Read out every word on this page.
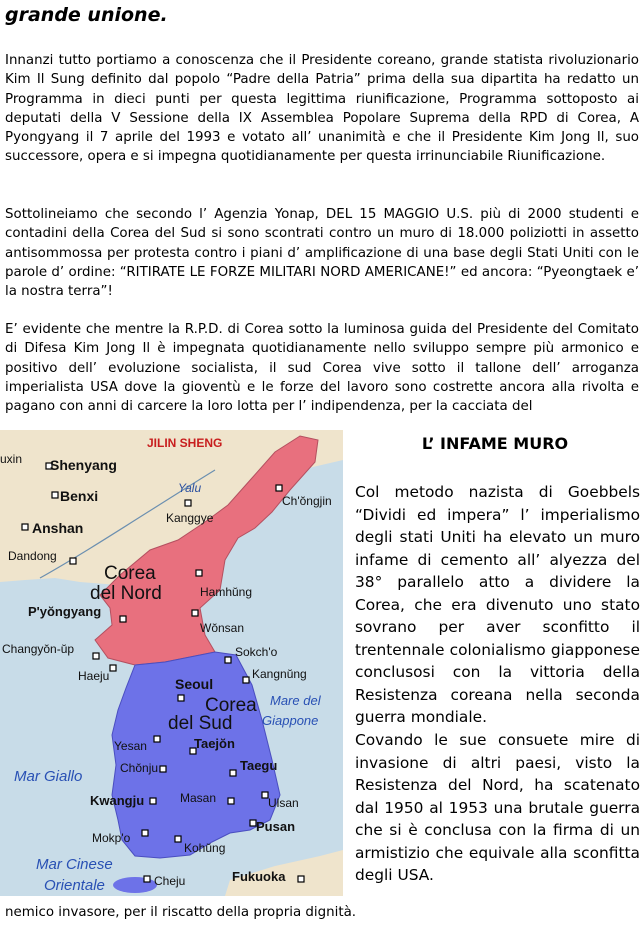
grande unione.

Innanzi tutto portiamo a conoscenza che il Presidente coreano, grande statista rivoluzionario Kim Il Sung definito dal popolo “Padre della Patria” prima della sua dipartita ha redatto un Programma in dieci punti per questa legittima riunificazione, Programma sottoposto ai deputati della V Sessione della IX Assemblea Popolare Suprema della RPD di Corea, A Pyongyang il 7 aprile del 1993 e votato all’ unanimità e che il Presidente Kim Jong Il, suo successore, opera e si impegna quotidianamente per questa irrinunciabile Riunificazione.

Sottolineiamo che secondo l’ Agenzia Yonap, DEL 15 MAGGIO U.S. più di 2000 studenti e contadini della Corea del Sud si sono scontrati contro un muro di 18.000 poliziotti in assetto antisommossa per protesta contro i piani d’ amplificazione di una base degli Stati Uniti con le parole d’ ordine: “RITIRATE LE FORZE MILITARI NORD AMERICANE!” ed ancora: “Pyeongtaek e’ la nostra terra”!

E’ evidente che mentre la R.P.D. di Corea sotto la luminosa guida del Presidente del Comitato di Difesa Kim Jong Il è impegnata quotidianamente nello sviluppo sempre più armonico e positivo dell’ evoluzione socialista, il sud Corea vive sotto il tallone dell’ arroganza imperialista USA dove la gioventù e le forze del lavoro sono costrette ancora alla rivolta e pagano con anni di carcere la loro lotta per l’ indipendenza, per la cacciata del

JILIN SHENG
uxin Shenyang
Benxi
Anshan
Yalu
Kanggye
Ch'ŏngjin
Dandong
Corea
del Nord	Hamhŭng
P'yŏngyang
Wŏnsan
Changyŏn-ŭp	Sokch'o
Kangnŭng
Haeju	Seoul
Corea
del Sud
Mare del
Giappone
Yesan	Taejŏn
Chŏnju	Taegu
Mar Giallo
Kwangju	Masan	Ulsan
Pusan
Mokp'o
Kohŭng
Mar Cinese
Orientale	Cheju	Fukuoka
L’ INFAME MURO

Col metodo nazista di Goebbels “Dividi ed impera” l’ imperialismo degli stati Uniti ha elevato un muro infame di cemento all’ alyezza del 38° parallelo atto a dividere la Corea, che era divenuto uno stato sovrano per aver sconfitto il trentennale colonialismo giapponese conclusosi con la vittoria della Resistenza coreana nella seconda guerra mondiale.

Covando le sue consuete mire di invasione di altri paesi, visto la Resistenza del Nord, ha scatenato dal 1950 al 1953 una brutale guerra che si è conclusa con la firma di un armistizio che equivale alla sconfitta degli USA.

nemico invasore, per il riscatto della propria dignità.
